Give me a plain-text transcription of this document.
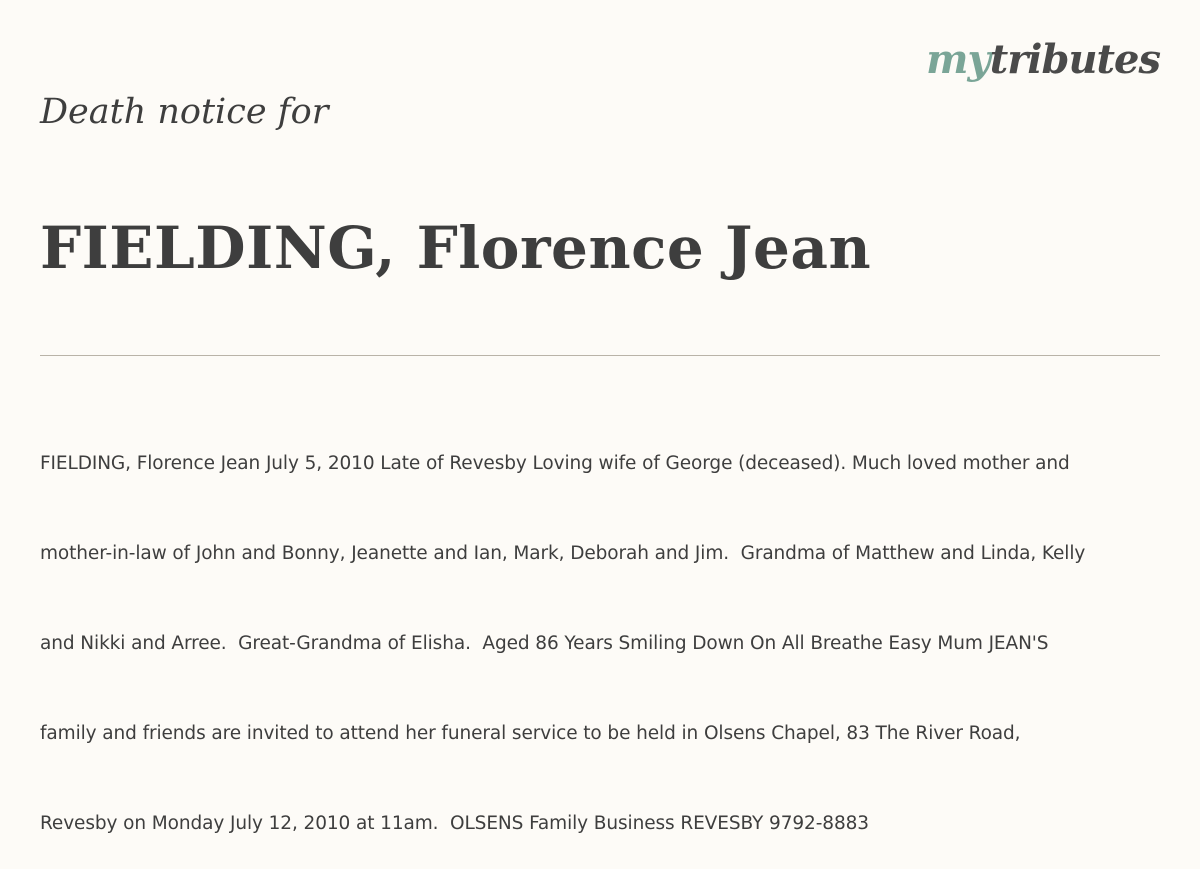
mytributes
Death notice for
FIELDING, Florence Jean

FIELDING, Florence Jean July 5, 2010 Late of Revesby Loving wife of George (deceased). Much loved mother and

mother-in-law of John and Bonny, Jeanette and Ian, Mark, Deborah and Jim.  Grandma of Matthew and Linda, Kelly

and Nikki and Arree.  Great-Grandma of Elisha.  Aged 86 Years Smiling Down On All Breathe Easy Mum JEAN'S

family and friends are invited to attend her funeral service to be held in Olsens Chapel, 83 The River Road,

Revesby on Monday July 12, 2010 at 11am.  OLSENS Family Business REVESBY 9792-8883
